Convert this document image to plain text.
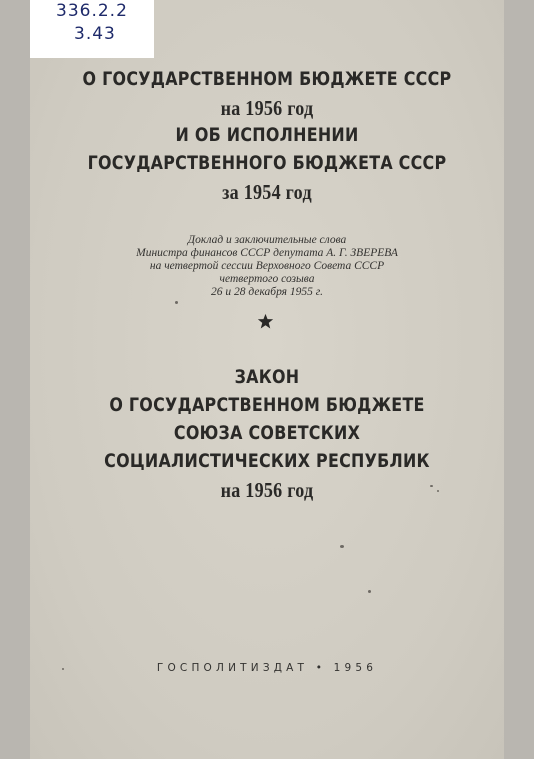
336.2.2
3.43
О ГОСУДАРСТВЕННОМ БЮДЖЕТЕ СССР
на 1956 год
И ОБ ИСПОЛНЕНИИ
ГОСУДАРСТВЕННОГО БЮДЖЕТА СССР
за 1954 год
Доклад и заключительные слова
Министра финансов СССР депутата А. Г. ЗВЕРЕВА
на четвертой сессии Верховного Совета СССР
четвертого созыва
26 и 28 декабря 1955 г.
ЗАКОН
О ГОСУДАРСТВЕННОМ БЮДЖЕТЕ
СОЮЗА СОВЕТСКИХ
СОЦИАЛИСТИЧЕСКИХ РЕСПУБЛИК
на 1956 год
ГОСПОЛИТИЗДАТ • 1956
